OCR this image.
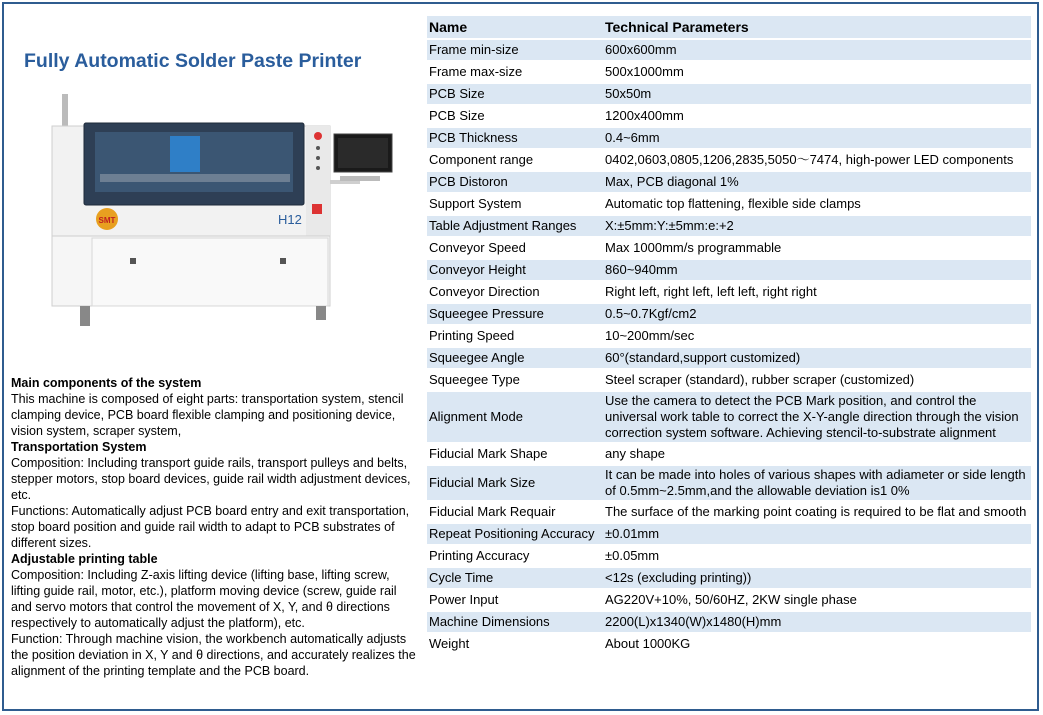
Fully Automatic Solder Paste Printer
SMT	H12

Main components of the system

This machine is composed of eight parts: transportation system, stencil clamping device, PCB board flexible clamping and positioning device, vision system, scraper system,

Transportation System

Composition: Including transport guide rails, transport pulleys and belts, stepper motors, stop board devices, guide rail width adjustment devices, etc.

Functions: Automatically adjust PCB board entry and exit transportation, stop board position and guide rail width to adapt to PCB substrates of different sizes.

Adjustable printing table

Composition: Including Z-axis lifting device (lifting base, lifting screw, lifting guide rail, motor, etc.), platform moving device (screw, guide rail and servo motors that control the movement of X, Y, and θ directions respectively to automatically adjust the platform), etc.

Function: Through machine vision, the workbench automatically adjusts the position deviation in X, Y and θ directions, and accurately realizes the alignment of the printing template and the PCB board.

Name	Technical Parameters
Frame min-size	600x600mm
Frame max-size	500x1000mm
PCB Size	50x50m
PCB Size	1200x400mm
PCB Thickness	0.4~6mm
Component range	0402,0603,0805,1206,2835,5050～7474, high-power LED components
PCB Distoron	Max, PCB diagonal 1%
Support System	Automatic top flattening, flexible side clamps
Table Adjustment Ranges	X:±5mm:Y:±5mm:e:+2
Conveyor Speed	Max 1000mm/s programmable
Conveyor Height	860~940mm
Conveyor Direction	Right left, right left, left left, right right
Squeegee Pressure	0.5~0.7Kgf/cm2
Printing Speed	10~200mm/sec
Squeegee Angle	60°(standard,support customized)
Squeegee Type	Steel scraper (standard), rubber scraper (customized)
Alignment Mode	Use the camera to detect the PCB Mark position, and control the universal work table to correct the X-Y-angle direction through the vision correction system software. Achieving stencil-to-substrate alignment
Fiducial Mark Shape	any shape
Fiducial Mark Size	It can be made into holes of various shapes with adiameter or side length of 0.5mm~2.5mm,and the allowable deviation is1 0%
Fiducial Mark Requair	The surface of the marking point coating is required to be flat and smooth
Repeat Positioning Accuracy	±0.01mm
Printing Accuracy	±0.05mm
Cycle Time	<12s (excluding printing))
Power Input	AG220V+10%, 50/60HZ, 2KW single phase
Machine Dimensions	2200(L)x1340(W)x1480(H)mm
Weight	About 1000KG
